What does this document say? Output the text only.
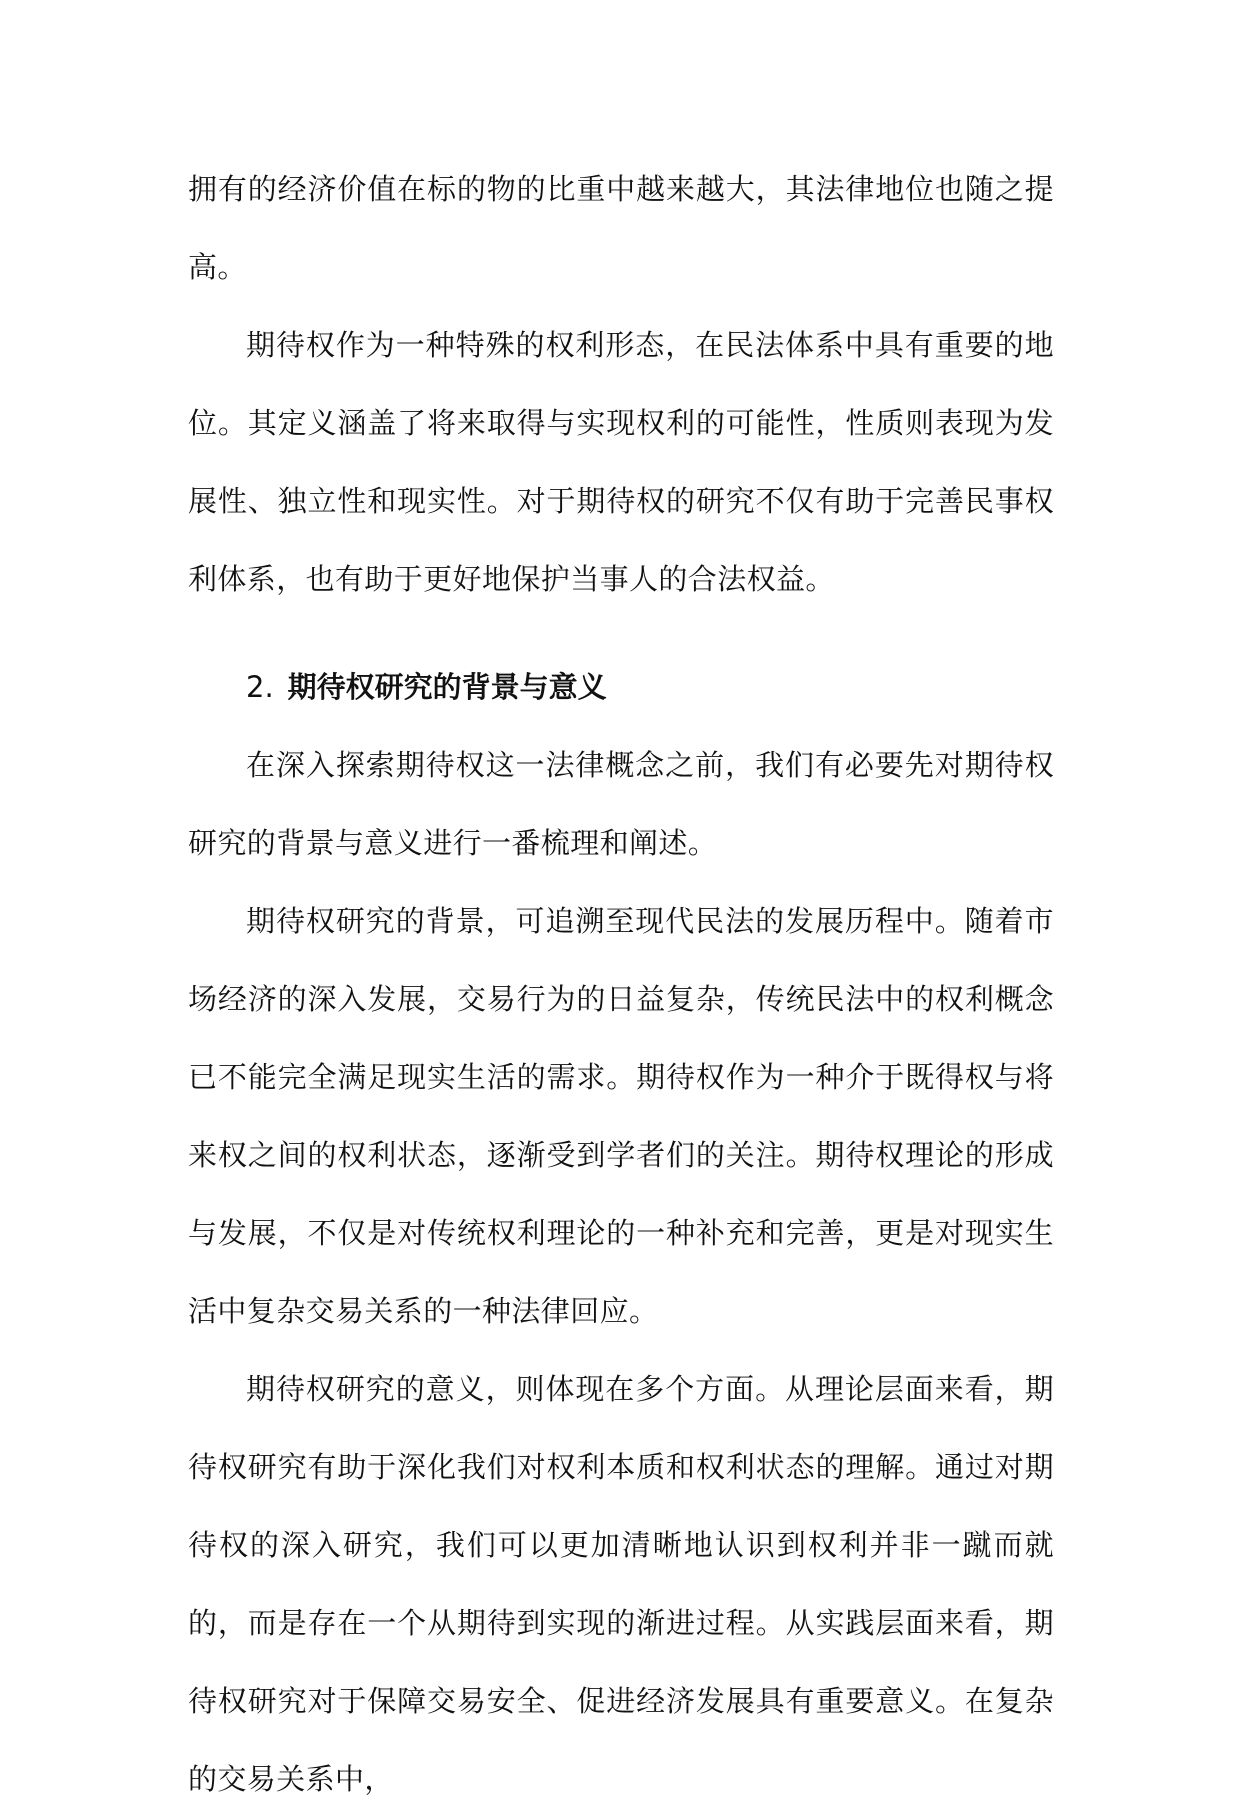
拥有的经济价值在标的物的比重中越来越大，其法律地位也随之提高。

期待权作为一种特殊的权利形态，在民法体系中具有重要的地位。其定义涵盖了将来取得与实现权利的可能性，性质则表现为发展性、独立性和现实性。对于期待权的研究不仅有助于完善民事权利体系，也有助于更好地保护当事人的合法权益。

2. 期待权研究的背景与意义

在深入探索期待权这一法律概念之前，我们有必要先对期待权研究的背景与意义进行一番梳理和阐述。

期待权研究的背景，可追溯至现代民法的发展历程中。随着市场经济的深入发展，交易行为的日益复杂，传统民法中的权利概念已不能完全满足现实生活的需求。期待权作为一种介于既得权与将来权之间的权利状态，逐渐受到学者们的关注。期待权理论的形成与发展，不仅是对传统权利理论的一种补充和完善，更是对现实生活中复杂交易关系的一种法律回应。

期待权研究的意义，则体现在多个方面。从理论层面来看，期待权研究有助于深化我们对权利本质和权利状态的理解。通过对期待权的深入研究，我们可以更加清晰地认识到权利并非一蹴而就的，而是存在一个从期待到实现的渐进过程。从实践层面来看，期待权研究对于保障交易安全、促进经济发展具有重要意义。在复杂的交易关系中，
